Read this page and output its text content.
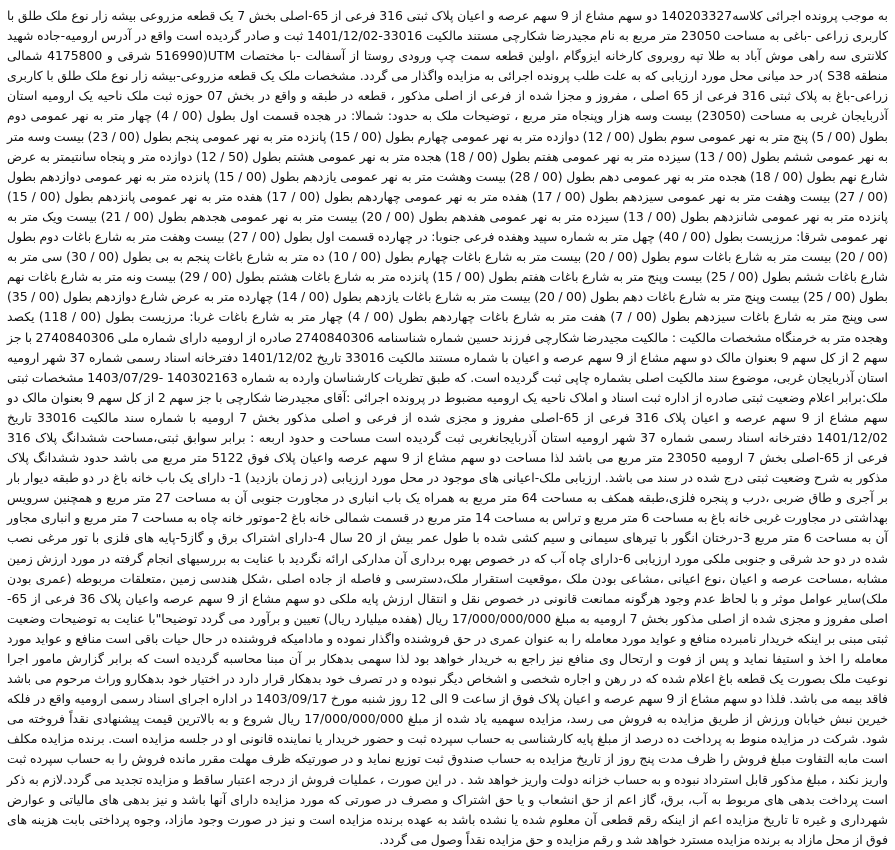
به موجب پرونده اجرائی کلاسه140203327 دو سهم مشاع از 9 سهم عرصه و اعیان پلاک ثبتی 316 فرعی از 65-اصلی بخش 7 یک قطعه مزروعی بیشه زار نوع ملک طلق با کاربری زراعی -باغی به مساحت 23050 متر مربع به نام مجیدرضا شکارچی مستند مالکیت 33016-1401/12/02 ثبت و صادر گردیده است واقع در آدرس ارومیه-جاده شهید کلانتری سه راهی موش آباد به طلا تپه روبروی کارخانه ایزوگام ،اولین قطعه سمت چپ ورودی روستا از آسفالت -با مختصات UTM(516990 شرقی و 4175800 شمالی منطقه S38 )در حد میانی محل مورد ارزیابی که به علت طلب پرونده اجرائی به مزایده واگذار می گردد. مشخصات ملک یک قطعه مزروعی-بیشه زار نوع ملک طلق با کاربری زراعی-باغ به پلاک ثبتی 316 فرعی از 65 اصلی ، مفروز و مجزا شده از فرعی از اصلی مذکور ، قطعه در طبقه و واقع در بخش 07 حوزه ثبت ملک ناحیه یک ارومیه استان آذربایجان غربی به مساحت (23050) بیست وسه هزار وپنجاه متر مربع ، توضیحات ملک به حدود: شمالا: در هجده قسمت اول بطول (00 / 4) چهار متر به نهر عمومی دوم بطول (00 / 5) پنج متر به نهر عمومی سوم بطول (00 / 12) دوازده متر به نهر عمومی چهارم بطول (00 / 15) پانزده متر به نهر عمومی پنجم بطول (00 / 23) بیست وسه متر به نهر عمومی ششم بطول (00 / 13) سیزده متر به نهر عمومی هفتم بطول (00 / 18) هجده متر به نهر عمومی هشتم بطول (50 / 12) دوازده متر و پنجاه سانتیمتر به عرض شارع نهم بطول (00 / 18) هجده متر به نهر عمومی دهم بطول (00 / 28) بیست وهشت متر به نهر عمومی یازدهم بطول (00 / 15) پانزده متر به نهر عمومی دوازدهم بطول (00 / 27) بیست وهفت متر به نهر عمومی سیزدهم بطول (00 / 17) هفده متر به نهر عمومی چهاردهم بطول (00 / 17) هفده متر به نهر عمومی پانزدهم بطول (00 / 15) پانزده متر به نهر عمومی شانزدهم بطول (00 / 13) سیزده متر به نهر عمومی هفدهم بطول (00 / 20) بیست متر به نهر عمومی هجدهم بطول (00 / 21) بیست ویک متر به نهر عمومی شرقا: مرزیست بطول (00 / 40) چهل متر به شماره سپید وهفده فرعی جنوبا: در چهارده قسمت اول بطول (00 / 27) بیست وهفت متر به شارع باغات دوم بطول (00 / 20) بیست متر به شارع باغات سوم بطول (00 / 20) بیست متر به شارع باغات چهارم بطول (00 / 10) ده متر به شارع باغات پنجم به بی بطول (00 / 30) سی متر به شارع باغات ششم بطول (00 / 25) بیست وپنج متر به شارع باغات هفتم بطول (00 / 15) پانزده متر به شارع باغات هشتم بطول (00 / 29) بیست ونه متر به شارع باغات نهم بطول (00 / 25) بیست وپنج متر به شارع باغات دهم بطول (00 / 20) بیست متر به شارع باغات یازدهم بطول (00 / 14) چهارده متر به عرض شارع دوازدهم بطول (00 / 35) سی وپنج متر به شارع باغات سیزدهم بطول (00 / 7) هفت متر به شارع باغات چهاردهم بطول (00 / 4) چهار متر به شارع باغات غربا: مرزیست بطول (00 / 118) یکصد وهجده متر به خرمنگاه مشخصات مالکیت : مالکیت مجیدرضا شکارچی فرزند حسین شماره شناسنامه 2740840306 صادره از ارومیه دارای شماره ملی 2740840306 با جز سهم 2 از کل سهم 9 بعنوان مالک دو سهم مشاع از 9 سهم عرصه و اعیان با شماره مستند مالکیت 33016 تاریخ 1401/12/02 دفترخانه اسناد رسمی شماره 37 شهر ارومیه استان آذربایجان غربی، موضوع سند مالکیت اصلی بشماره چاپی ثبت گردیده است. که طبق تظریات کارشناسان وارده به شماره 140302163 -1403/07/29 مشخصات ثبتی ملک:برابر اعلام وضعیت ثبتی صادره از اداره ثبت اسناد و املاک ناحیه یک ارومیه مضبوط در پرونده اجرائی :آقای مجیدرضا شکارچی با جز سهم 2 از کل سهم 9 بعنوان مالک دو سهم مشاع از 9 سهم عرصه و اعیان پلاک 316 فرعی از 65-اصلی مفروز و مجزی شده از فرعی و اصلی مذکور بخش 7 ارومیه با شماره سند مالکیت 33016 تاریخ 1401/12/02 دفترخانه اسناد رسمی شماره 37 شهر ارومیه استان آذربایجانغربی ثبت گردیده است مساحت و حدود اربعه : برابر سوابق ثبتی،مساحت ششدانگ پلاک 316 فرعی از 65-اصلی بخش 7 ارومیه 23050 متر مربع می باشد لذا مساحت دو سهم مشاع از 9 سهم عرصه واعیان پلاک فوق 5122 متر مربع می باشد حدود ششدانگ پلاک مذکور به شرح وضعیت ثبتی درج شده در سند می باشد. ارزیابی ملک-اعیانی های موجود در محل مورد ارزیابی (در زمان بازدید) 1- دارای یک باب خانه باغ در دو طبقه دیوار بار بر آجری و طاق ضربی ،درب و پنجره فلزی،طبقه همکف به مساحت 64 متر مربع به همراه یک باب انباری در مجاورت جنوبی آن به مساحت 27 متر مربع و همچنین سرویس بهداشتی در مجاورت غربی خانه باغ به مساحت 6 متر مربع و تراس به مساحت 14 متر مربع در قسمت شمالی خانه باغ 2-موتور خانه چاه به مساحت 7 متر مربع و انباری مجاور آن به مساحت 6 متر مربع 3-درختان انگور با تیرهای سیمانی و سیم کشی شده با طول عمر بیش از 20 سال 4-دارای اشتراک برق و گاز5-پایه های فلزی با تور مرغی نصب شده در دو حد شرقی و جنوبی ملکی مورد ارزیابی 6-دارای چاه آب که در خصوص بهره برداری آن مدارکی ارائه نگردید با عنایت به بررسیهای انجام گرفته در مورد ارزش زمین مشابه ،مساحت عرصه و اعیان ،نوع اعیانی ،مشاعی بودن ملک ،موقعیت استقرار ملک،دسترسی و فاصله از جاده اصلی ،شکل هندسی زمین ،متعلقات مربوطه (عمری بودن ملک)سایر عوامل موثر و با لحاظ عدم وجود هرگونه ممانعت قانونی در خصوص نقل و انتقال ارزش پایه ملکی دو سهم مشاع از 9 سهم عرصه واعیان پلاک 36 فرعی از 65-اصلی مفروز و مجزی شده از اصلی مذکور بخش 7 ارومیه به مبلغ 17/000/000/000 ریال (هفده میلیارد ریال) تعیین و برآورد می گردد توضیحا"با عنایت به توضیحات وضعیت ثبتی مبنی بر اینکه خریدار نامبرده منافع و عواید مورد معامله را به عنوان عمری در حق فروشنده واگذار نموده و مادامیکه فروشنده در حال حیات باقی است منافع و عواید مورد معامله را اخذ و استیفا نماید و پس از فوت و ارتحال وی منافع نیز راجع به خریدار خواهد بود لذا سهمی بدهکار بر آن مبنا محاسبه گردیده است که برابر گزارش مامور اجرا نوعیت ملک بصورت یک قطعه باغ اعلام شده که در رهن و اجاره شخصی و اشخاص دیگر نبوده و در تصرف خود بدهکار قرار دارد در اختیار خود بدهکارو وراث مرحوم می باشد فاقد بیمه می باشد. فلذا دو سهم مشاع از 9 سهم عرصه و اعیان پلاک فوق از ساعت 9 الی 12 روز شنبه مورخ 1403/09/17 در اداره اجرای اسناد رسمی ارومیه واقع در فلکه خیرین نبش خیابان ورزش از طریق مزایده به فروش می رسد، مزایده سهمیه یاد شده از مبلغ 17/000/000/000 ریال شروع و به بالاترین قیمت پیشنهادی نقداً فروخته می شود. شرکت در مزایده منوط به پرداخت ده درصد از مبلغ پایه کارشناسی به حساب سپرده ثبت و حضور خریدار یا نماینده قانونی او در جلسه مزایده است. برنده مزایده مکلف است مابه التفاوت مبلغ فروش را ظرف مدت پنج روز از تاریخ مزایده به حساب صندوق ثبت توزیع نماید و در صورتیکه ظرف مهلت مقرر مانده فروش را به حساب سپرده ثبت واریز نکند ، مبلغ مذکور قابل استرداد نبوده و به حساب خزانه دولت واریز خواهد شد . در این صورت ، عملیات فروش از درجه اعتبار ساقط و مزایده تجدید می گردد.لازم به ذکر است پرداخت بدهی های مربوط به آب، برق، گاز اعم از حق انشعاب و یا حق اشتراک و مصرف در صورتی که مورد مزایده دارای آنها باشد و نیز بدهی های مالیاتی و عوارض شهرداری و غیره تا تاریخ مزایده اعم از اینکه رقم قطعی آن معلوم شده یا نشده باشد به عهده برنده مزایده است و نیز در صورت وجود مازاد، وجوه پرداختی بابت هزینه های فوق از محل مازاد به برنده مزایده مسترد خواهد شد و رقم مزایده و حق مزایده نقداً وصول می گردد.
